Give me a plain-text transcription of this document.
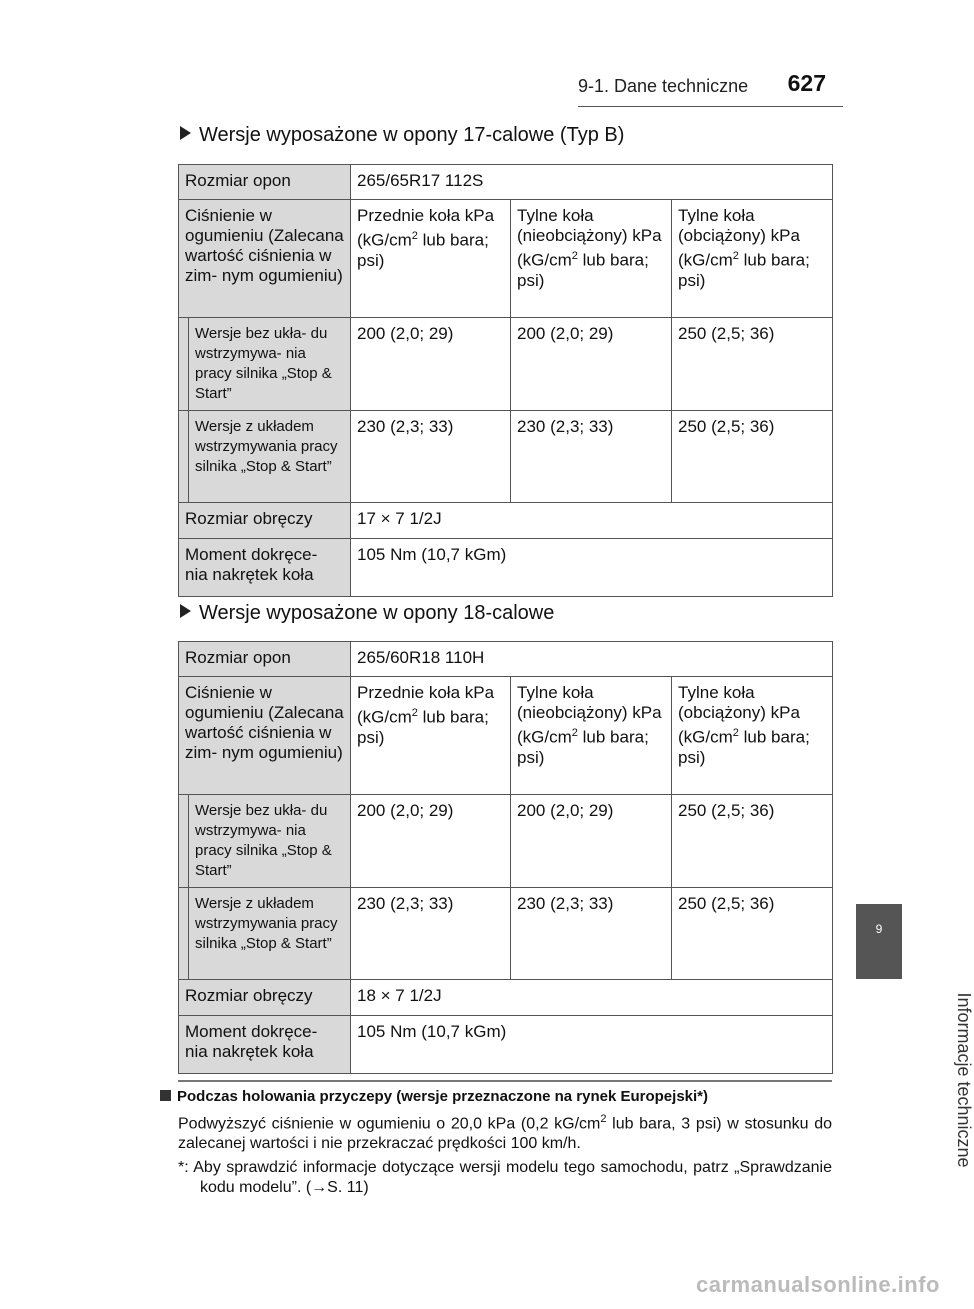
9-1. Dane techniczne 627
9
Informacje techniczne
Wersje wyposażone w opony 17-calowe (Typ B)
Rozmiar opon		265/65R17 112S		
Ciśnienie w ogumieniu (Zalecana wartość ciśnienia w zim- nym ogumieniu)		Przednie koła kPa ($kG/cm^2$ lub bara; psi)	Tylne koła (nieobciążony) kPa ($kG/cm^2$ lub bara; psi)	Tylne koła (obciążony) kPa ($kG/cm^2$ lub bara; psi)
	Wersje bez ukła- du wstrzymywa- nia pracy silnika „Stop & Start”	200 (2,0; 29)	200 (2,0; 29)	250 (2,5; 36)
	Wersje z układem wstrzymywania pracy silnika „Stop & Start”	230 (2,3; 33)	230 (2,3; 33)	250 (2,5; 36)
Rozmiar obręczy		17 × 7 1/2J		
Moment dokręce- nia nakrętek koła		105 Nm (10,7 kGm)		
Wersje wyposażone w opony 18-calowe
Rozmiar opon		265/60R18 110H		
Ciśnienie w ogumieniu (Zalecana wartość ciśnienia w zim- nym ogumieniu)		Przednie koła kPa ($kG/cm^2$ lub bara; psi)	Tylne koła (nieobciążony) kPa ($kG/cm^2$ lub bara; psi)	Tylne koła (obciążony) kPa ($kG/cm^2$ lub bara; psi)
	Wersje bez ukła- du wstrzymywa- nia pracy silnika „Stop & Start”	200 (2,0; 29)	200 (2,0; 29)	250 (2,5; 36)
	Wersje z układem wstrzymywania pracy silnika „Stop & Start”	230 (2,3; 33)	230 (2,3; 33)	250 (2,5; 36)
Rozmiar obręczy		18 × 7 1/2J		
Moment dokręce- nia nakrętek koła		105 Nm (10,7 kGm)		
Podczas holowania przyczepy (wersje przeznaczone na rynek Europejski*)

Podwyższyć ciśnienie w ogumieniu o 20,0 kPa (0,2 $kG/cm^2$ lub bara, 3 psi) w stosunku do zalecanej wartości i nie przekraczać prędkości 100 km/h.

*: Aby sprawdzić informacje dotyczące wersji modelu tego samochodu, patrz „Sprawdzanie kodu modelu”. (→S. 11)

carmanualsonline.info
